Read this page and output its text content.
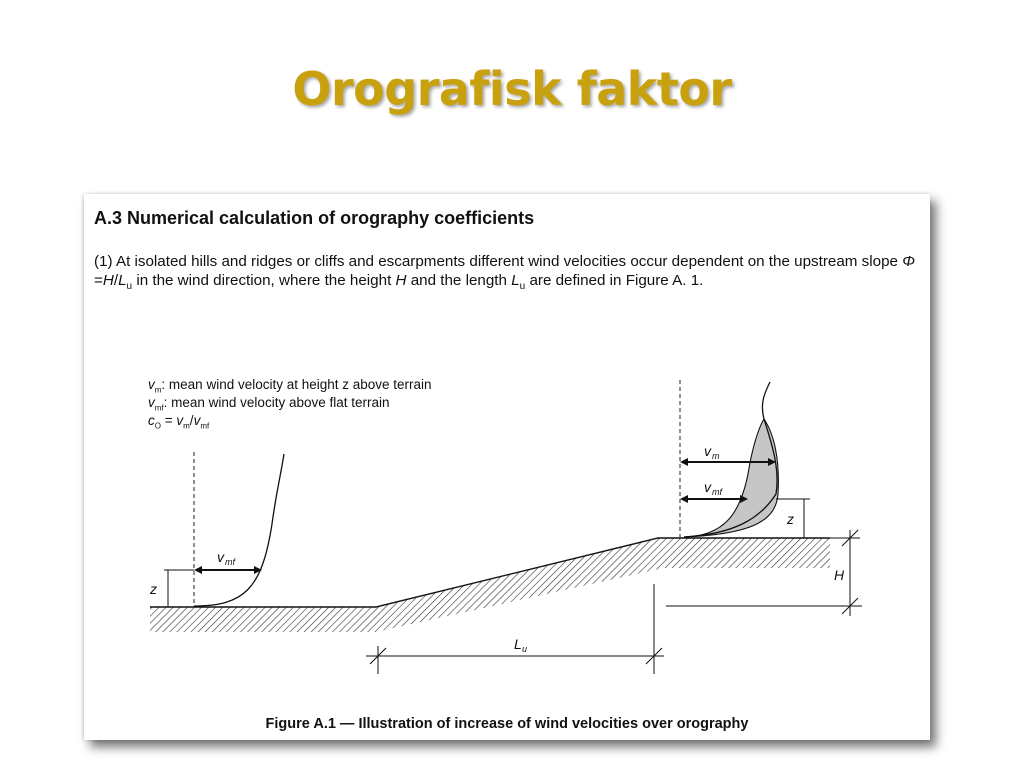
Orografisk faktor
A.3 Numerical calculation of orography coefficients

(1) At isolated hills and ridges or cliffs and escarpments different wind velocities occur dependent on the upstream slope $\Phi =H/L_u$ in the wind direction, where the height H and the length $L_u$ are defined in Figure A. 1.

$v_m$: mean wind velocity at height z above terrain
$v_{mf}$: mean wind velocity above flat terrain
$c_O = v_m/v_{mf}$
v mf
z
v m
v mf
z
H
L u
Figure A.1 — Illustration of increase of wind velocities over orography
